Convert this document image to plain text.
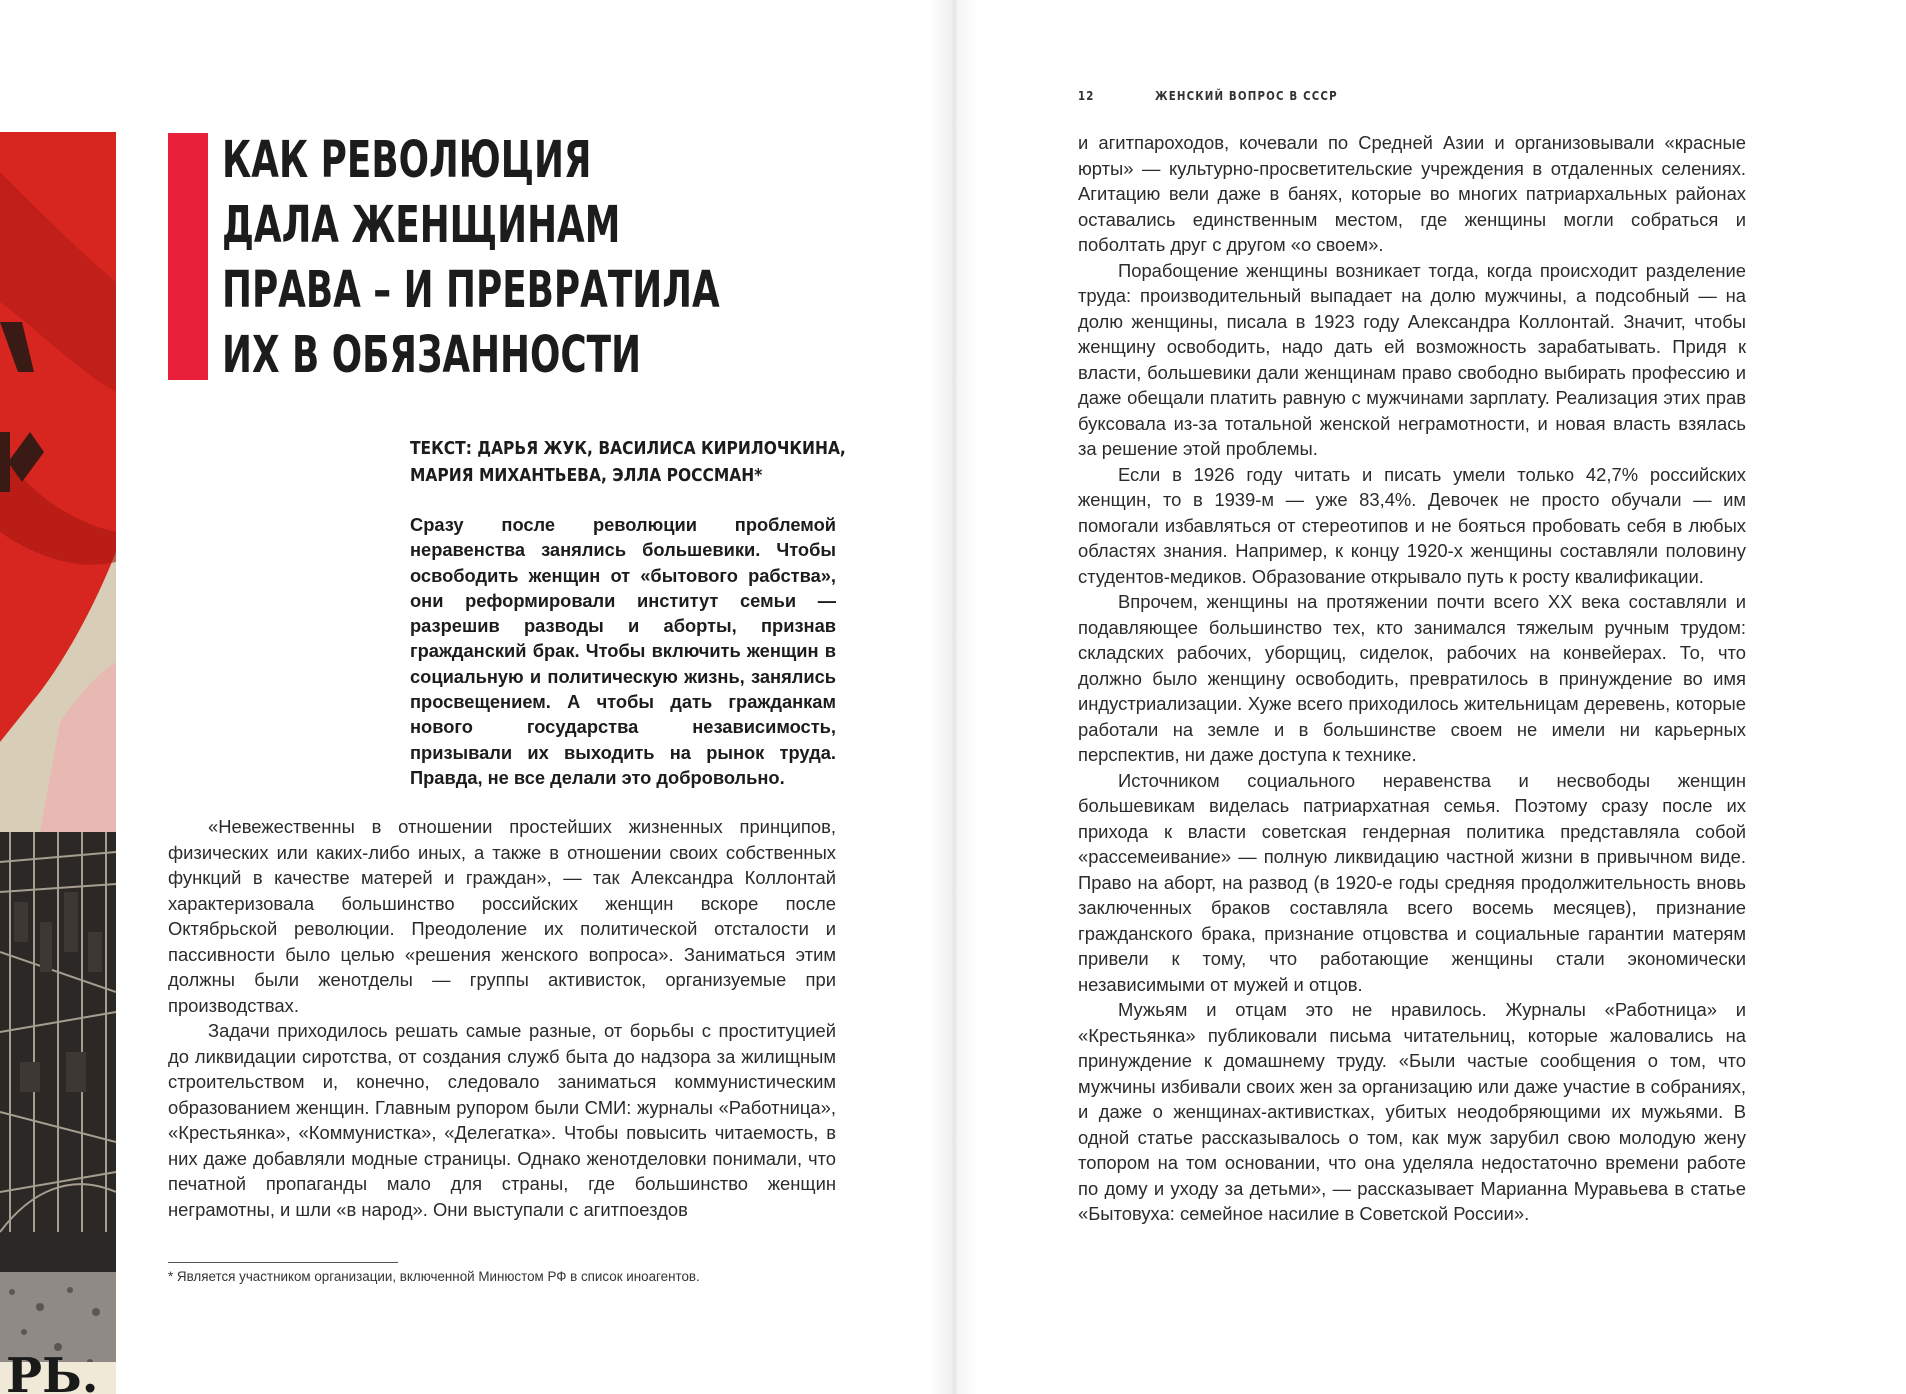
РЬ.
КАК РЕВОЛЮЦИЯ
ДАЛА ЖЕНЩИНАМ
ПРАВА – И ПРЕВРАТИЛА
ИХ В ОБЯЗАННОСТИ
ТЕКСТ: ДАРЬЯ ЖУК, ВАСИЛИСА КИРИЛОЧКИНА,
МАРИЯ МИХАНТЬЕВА, ЭЛЛА РОССМАН*

Сразу после революции проблемой неравенства занялись большевики. Чтобы освободить женщин от «бытового рабства», они реформировали институт семьи — разрешив разводы и аборты, признав гражданский брак. Чтобы включить женщин в социальную и политическую жизнь, занялись просвещением. А чтобы дать гражданкам нового государства независимость, призывали их выходить на рынок труда. Правда, не все делали это добровольно.

«Невежественны в отношении простейших жизненных принципов, физических или каких-либо иных, а также в отношении своих собственных функций в качестве матерей и граждан», — так Александра Коллонтай характеризовала большинство российских женщин вскоре после Октябрьской революции. Преодоление их политической отсталости и пассивности было целью «решения женского вопроса». Заниматься этим должны были женотделы — группы активисток, организуемые при производствах.

Задачи приходилось решать самые разные, от борьбы с проституцией до ликвидации сиротства, от создания служб быта до надзора за жилищным строительством и, конечно, следовало заниматься коммунистическим образованием женщин. Главным рупором были СМИ: журналы «Работница», «Крестьянка», «Коммунистка», «Делегатка». Чтобы повысить читаемость, в них даже добавляли модные страницы. Однако женотделовки понимали, что печатной пропаганды мало для страны, где большинство женщин неграмотны, и шли «в народ». Они выступали с агитпоездов

* Является участником организации, включенной Минюстом РФ в список иноагентов.

12	ЖЕНСКИЙ ВОПРОС В СССР

и агитпароходов, кочевали по Средней Азии и организовывали «красные юрты» — культурно-просветительские учреждения в отдаленных селениях. Агитацию вели даже в банях, которые во многих патриархальных районах оставались единственным местом, где женщины могли собраться и поболтать друг с другом «о своем».

Порабощение женщины возникает тогда, когда происходит разделение труда: производительный выпадает на долю мужчины, а подсобный — на долю женщины, писала в 1923 году Александра Коллонтай. Значит, чтобы женщину освободить, надо дать ей возможность зарабатывать. Придя к власти, большевики дали женщинам право свободно выбирать профессию и даже обещали платить равную с мужчинами зарплату. Реализация этих прав буксовала из-за тотальной женской неграмотности, и новая власть взялась за решение этой проблемы.

Если в 1926 году читать и писать умели только 42,7% российских женщин, то в 1939-м — уже 83,4%. Девочек не просто обучали — им помогали избавляться от стереотипов и не бояться пробовать себя в любых областях знания. Например, к концу 1920-х женщины составляли половину студентов-медиков. Образование открывало путь к росту квалификации.

Впрочем, женщины на протяжении почти всего XX века составляли и подавляющее большинство тех, кто занимался тяжелым ручным трудом: складских рабочих, уборщиц, сиделок, рабочих на конвейерах. То, что должно было женщину освободить, превратилось в принуждение во имя индустриализации. Хуже всего приходилось жительницам деревень, которые работали на земле и в большинстве своем не имели ни карьерных перспектив, ни даже доступа к технике.

Источником социального неравенства и несвободы женщин большевикам виделась патриархатная семья. Поэтому сразу после их прихода к власти советская гендерная политика представляла собой «рассемеивание» — полную ликвидацию частной жизни в привычном виде. Право на аборт, на развод (в 1920-е годы средняя продолжительность вновь заключенных браков составляла всего восемь месяцев), признание гражданского брака, признание отцовства и социальные гарантии матерям привели к тому, что работающие женщины стали экономически независимыми от мужей и отцов.

Мужьям и отцам это не нравилось. Журналы «Работница» и «Крестьянка» публиковали письма читательниц, которые жаловались на принуждение к домашнему труду. «Были частые сообщения о том, что мужчины избивали своих жен за организацию или даже участие в собраниях, и даже о женщинах-активистках, убитых неодобряющими их мужьями. В одной статье рассказывалось о том, как муж зарубил свою молодую жену топором на том основании, что она уделяла недостаточно времени работе по дому и уходу за детьми», — рассказывает Марианна Муравьева в статье «Бытовуха: семейное насилие в Советской России».
